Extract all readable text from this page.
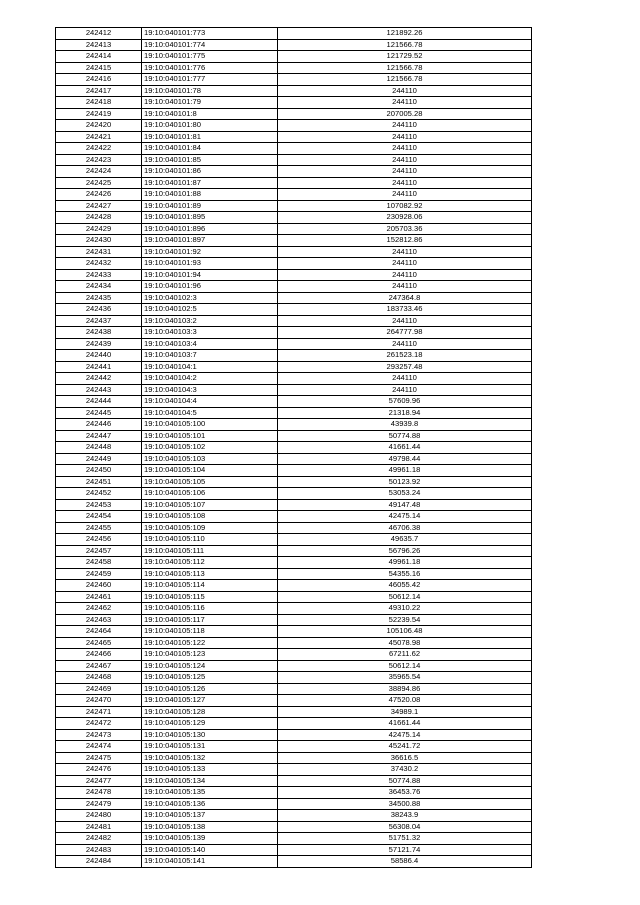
242412	19:10:040101:773	121892.26
242413	19:10:040101:774	121566.78
242414	19:10:040101:775	121729.52
242415	19:10:040101:776	121566.78
242416	19:10:040101:777	121566.78
242417	19:10:040101:78	244110
242418	19:10:040101:79	244110
242419	19:10:040101:8	207005.28
242420	19:10:040101:80	244110
242421	19:10:040101:81	244110
242422	19:10:040101:84	244110
242423	19:10:040101:85	244110
242424	19:10:040101:86	244110
242425	19:10:040101:87	244110
242426	19:10:040101:88	244110
242427	19:10:040101:89	107082.92
242428	19:10:040101:895	230928.06
242429	19:10:040101:896	205703.36
242430	19:10:040101:897	152812.86
242431	19:10:040101:92	244110
242432	19:10:040101:93	244110
242433	19:10:040101:94	244110
242434	19:10:040101:96	244110
242435	19:10:040102:3	247364.8
242436	19:10:040102:5	183733.46
242437	19:10:040103:2	244110
242438	19:10:040103:3	264777.98
242439	19:10:040103:4	244110
242440	19:10:040103:7	261523.18
242441	19:10:040104:1	293257.48
242442	19:10:040104:2	244110
242443	19:10:040104:3	244110
242444	19:10:040104:4	57609.96
242445	19:10:040104:5	21318.94
242446	19:10:040105:100	43939.8
242447	19:10:040105:101	50774.88
242448	19:10:040105:102	41661.44
242449	19:10:040105:103	49798.44
242450	19:10:040105:104	49961.18
242451	19:10:040105:105	50123.92
242452	19:10:040105:106	53053.24
242453	19:10:040105:107	49147.48
242454	19:10:040105:108	42475.14
242455	19:10:040105:109	46706.38
242456	19:10:040105:110	49635.7
242457	19:10:040105:111	56796.26
242458	19:10:040105:112	49961.18
242459	19:10:040105:113	54355.16
242460	19:10:040105:114	46055.42
242461	19:10:040105:115	50612.14
242462	19:10:040105:116	49310.22
242463	19:10:040105:117	52239.54
242464	19:10:040105:118	105106.48
242465	19:10:040105:122	45078.98
242466	19:10:040105:123	67211.62
242467	19:10:040105:124	50612.14
242468	19:10:040105:125	35965.54
242469	19:10:040105:126	38894.86
242470	19:10:040105:127	47520.08
242471	19:10:040105:128	34989.1
242472	19:10:040105:129	41661.44
242473	19:10:040105:130	42475.14
242474	19:10:040105:131	45241.72
242475	19:10:040105:132	36616.5
242476	19:10:040105:133	37430.2
242477	19:10:040105:134	50774.88
242478	19:10:040105:135	36453.76
242479	19:10:040105:136	34500.88
242480	19:10:040105:137	38243.9
242481	19:10:040105:138	56308.04
242482	19:10:040105:139	51751.32
242483	19:10:040105:140	57121.74
242484	19:10:040105:141	58586.4
